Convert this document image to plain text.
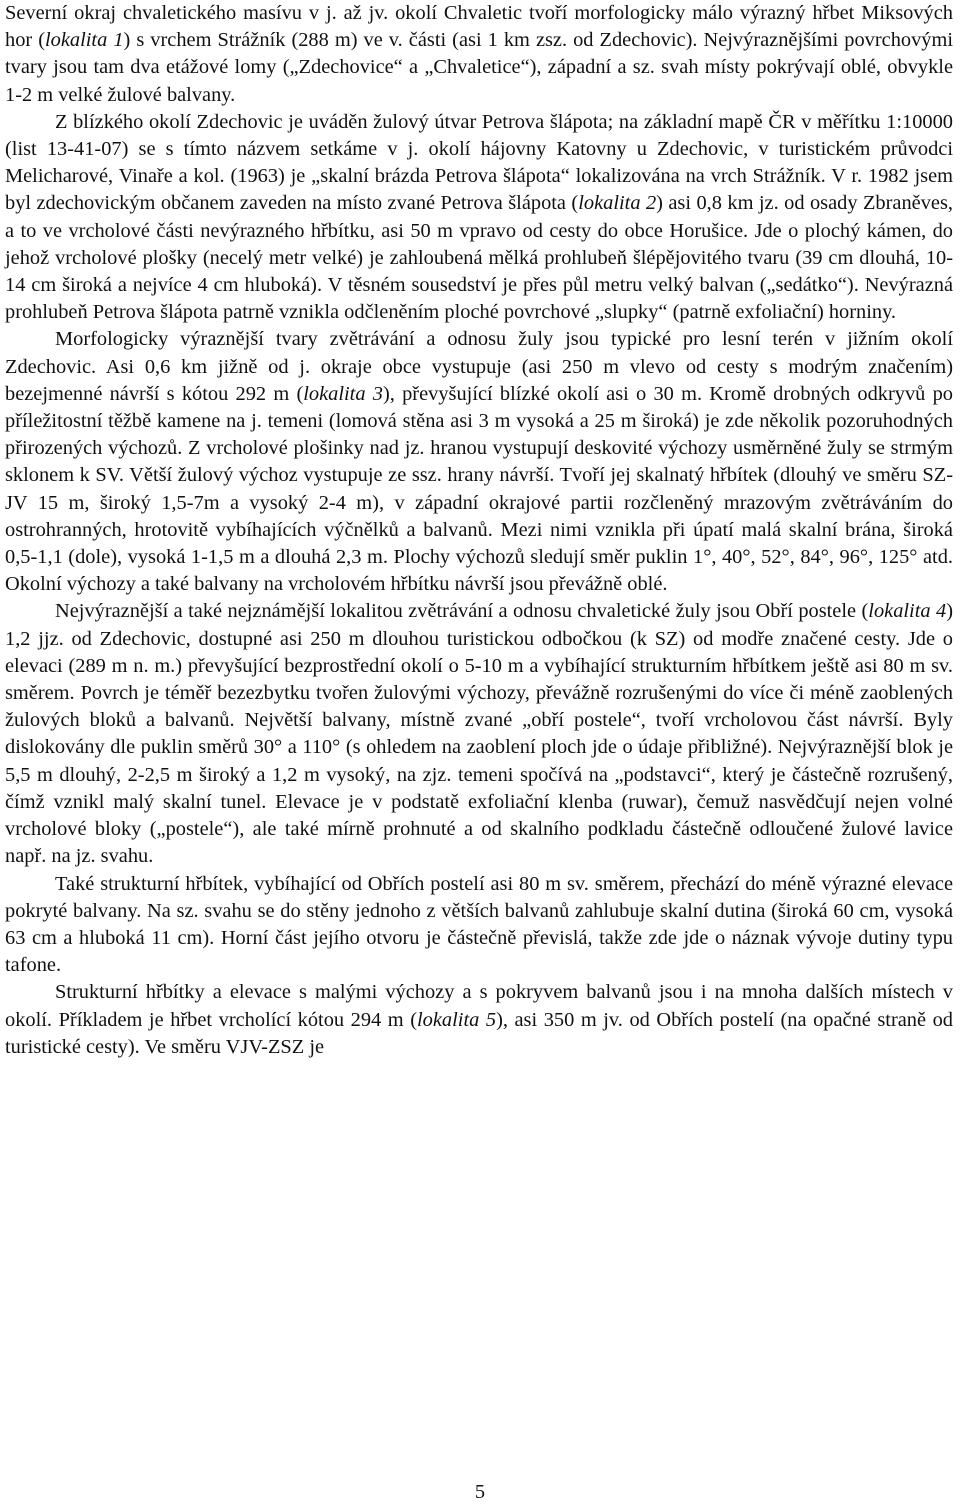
Severní okraj chvaletického masívu v j. až jv. okolí Chvaletic tvoří morfologicky málo výrazný hřbet Miksových hor (lokalita 1) s vrchem Strážník (288 m) ve v. části (asi 1 km zsz. od Zdechovic). Nejvýraznějšími povrchovými tvary jsou tam dva etážové lomy („Zdechovice“ a „Chvaletice“), západní a sz. svah místy pokrývají oblé, obvykle 1-2 m velké žulové balvany.

Z blízkého okolí Zdechovic je uváděn žulový útvar Petrova šlápota; na základní mapě ČR v měřítku 1:10000 (list 13-41-07) se s tímto názvem setkáme v j. okolí hájovny Katovny u Zdechovic, v turistickém průvodci Melicharové, Vinaře a kol. (1963) je „skalní brázda Petrova šlápota“ lokalizována na vrch Strážník. V r. 1982 jsem byl zdechovickým občanem zaveden na místo zvané Petrova šlápota (lokalita 2) asi 0,8 km jz. od osady Zbraněves, a to ve vrcholové části nevýrazného hřbítku, asi 50 m vpravo od cesty do obce Horušice. Jde o plochý kámen, do jehož vrcholové plošky (necelý metr velké) je zahloubená mělká prohlubeň šlépějovitého tvaru (39 cm dlouhá, 10-14 cm široká a nejvíce 4 cm hluboká). V těsném sousedství je přes půl metru velký balvan („sedátko“). Nevýrazná prohlubeň Petrova šlápota patrně vznikla odčleněním ploché povrchové „slupky“ (patrně exfoliační) horniny.

Morfologicky výraznější tvary zvětrávání a odnosu žuly jsou typické pro lesní terén v jižním okolí Zdechovic. Asi 0,6 km jižně od j. okraje obce vystupuje (asi 250 m vlevo od cesty s modrým značením) bezejmenné návrší s kótou 292 m (lokalita 3), převyšující blízké okolí asi o 30 m. Kromě drobných odkryvů po příležitostní těžbě kamene na j. temeni (lomová stěna asi 3 m vysoká a 25 m široká) je zde několik pozoruhodných přirozených výchozů. Z vrcholové plošinky nad jz. hranou vystupují deskovité výchozy usměrněné žuly se strmým sklonem k SV. Větší žulový výchoz vystupuje ze ssz. hrany návrší. Tvoří jej skalnatý hřbítek (dlouhý ve směru SZ-JV 15 m, široký 1,5-7m a vysoký 2-4 m), v západní okrajové partii rozčleněný mrazovým zvětráváním do ostrohranných, hrotovitě vybíhajících výčnělků a balvanů. Mezi nimi vznikla při úpatí malá skalní brána, široká 0,5-1,1 (dole), vysoká 1-1,5 m a dlouhá 2,3 m. Plochy výchozů sledují směr puklin 1°, 40°, 52°, 84°, 96°, 125° atd. Okolní výchozy a také balvany na vrcholovém hřbítku návrší jsou převážně oblé.

Nejvýraznější a také nejznámější lokalitou zvětrávání a odnosu chvaletické žuly jsou Obří postele (lokalita 4) 1,2 jjz. od Zdechovic, dostupné asi 250 m dlouhou turistickou odbočkou (k SZ) od modře značené cesty. Jde o elevaci (289 m n. m.) převyšující bezprostřední okolí o 5-10 m a vybíhající strukturním hřbítkem ještě asi 80 m sv. směrem. Povrch je téměř bezezbytku tvořen žulovými výchozy, převážně rozrušenými do více či méně zaoblených žulových bloků a balvanů. Největší balvany, místně zvané „obří postele“, tvoří vrcholovou část návrší. Byly dislokovány dle puklin směrů 30° a 110° (s ohledem na zaoblení ploch jde o údaje přibližné). Nejvýraznější blok je 5,5 m dlouhý, 2-2,5 m široký a 1,2 m vysoký, na zjz. temeni spočívá na „podstavci“, který je částečně rozrušený, čímž vznikl malý skalní tunel. Elevace je v podstatě exfoliační klenba (ruwar), čemuž nasvědčují nejen volné vrcholové bloky („postele“), ale také mírně prohnuté a od skalního podkladu částečně odloučené žulové lavice např. na jz. svahu.

Také strukturní hřbítek, vybíhající od Obřích postelí asi 80 m sv. směrem, přechází do méně výrazné elevace pokryté balvany. Na sz. svahu se do stěny jednoho z větších balvanů zahlubuje skalní dutina (široká 60 cm, vysoká 63 cm a hluboká 11 cm). Horní část jejího otvoru je částečně převislá, takže zde jde o náznak vývoje dutiny typu tafone.

Strukturní hřbítky a elevace s malými výchozy a s pokryvem balvanů jsou i na mnoha dalších místech v okolí. Příkladem je hřbet vrcholící kótou 294 m (lokalita 5), asi 350 m jv. od Obřích postelí (na opačné straně od turistické cesty). Ve směru VJV-ZSZ je

5
